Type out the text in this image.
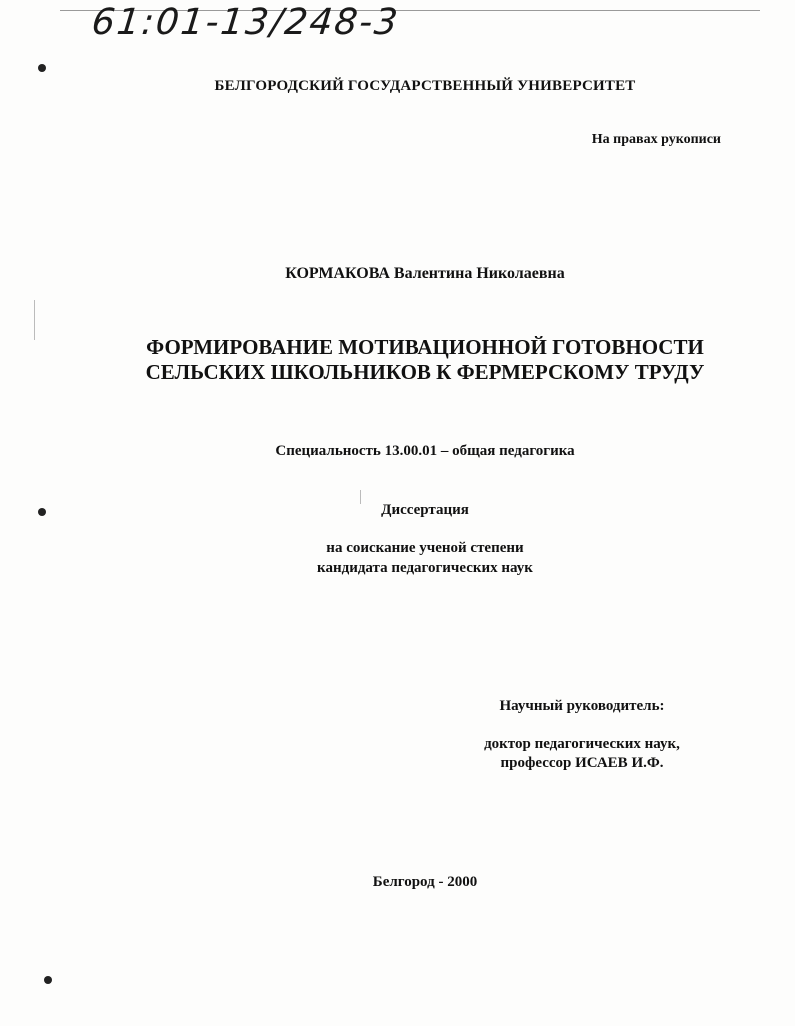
61:01-13/248-3
БЕЛГОРОДСКИЙ ГОСУДАРСТВЕННЫЙ УНИВЕРСИТЕТ
На правах рукописи
КОРМАКОВА Валентина Николаевна
ФОРМИРОВАНИЕ МОТИВАЦИОННОЙ ГОТОВНОСТИ
СЕЛЬСКИХ ШКОЛЬНИКОВ К ФЕРМЕРСКОМУ ТРУДУ
Специальность 13.00.01 – общая педагогика
Диссертация
на соискание ученой степени
кандидата педагогических наук
Научный руководитель:
доктор педагогических наук,
профессор ИСАЕВ И.Ф.
Белгород - 2000
